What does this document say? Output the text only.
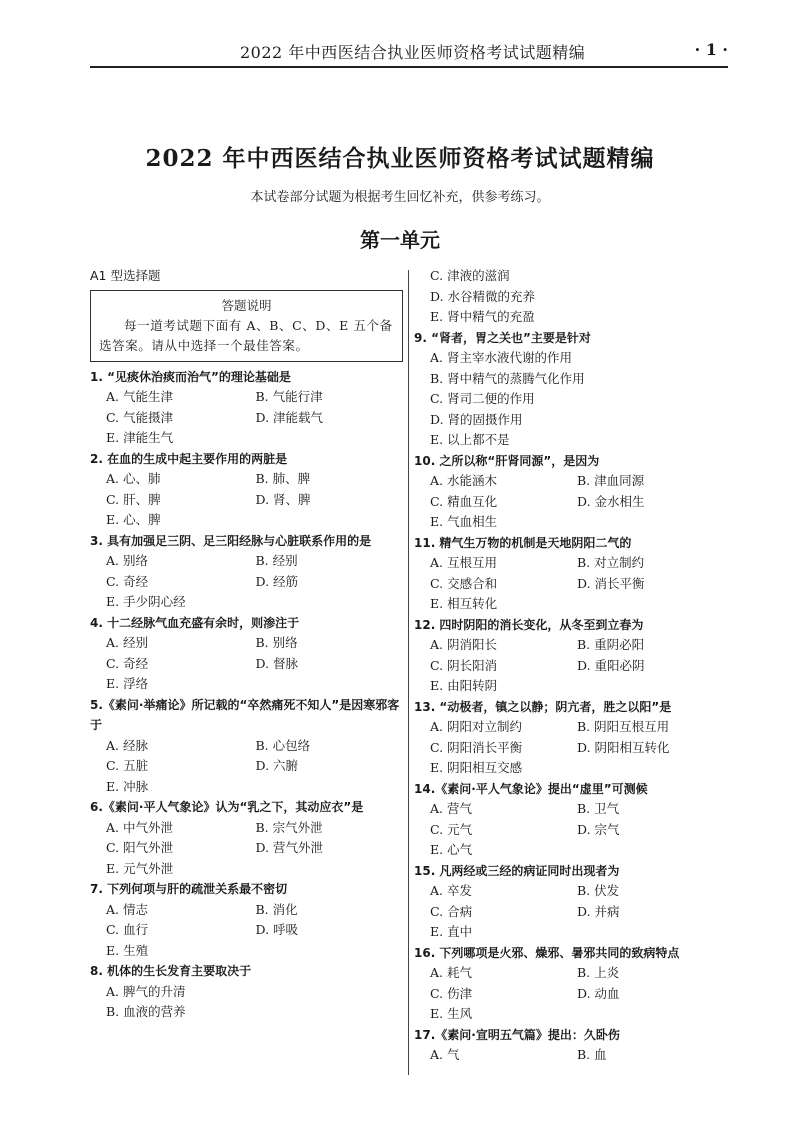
2022 年中西医结合执业医师资格考试试题精编	· 1 ·
2022 年中西医结合执业医师资格考试试题精编
本试卷部分试题为根据考生回忆补充，供参考练习。
第一单元
A1 型选择题
答题说明
每一道考试题下面有 A、B、C、D、E 五个备选答案。请从中选择一个最佳答案。
1. “见痰休治痰而治气”的理论基础是
A. 气能生津	B. 气能行津
C. 气能摄津	D. 津能载气
E. 津能生气
2. 在血的生成中起主要作用的两脏是
A. 心、肺	B. 肺、脾
C. 肝、脾	D. 肾、脾
E. 心、脾
3. 具有加强足三阴、足三阳经脉与心脏联系作用的是
A. 别络	B. 经别
C. 奇经	D. 经筋
E. 手少阴心经
4. 十二经脉气血充盛有余时，则渗注于
A. 经别	B. 别络
C. 奇经	D. 督脉
E. 浮络
5.《素问·举痛论》所记载的“卒然痛死不知人”是因寒邪客于
A. 经脉	B. 心包络
C. 五脏	D. 六腑
E. 冲脉
6.《素问·平人气象论》认为“乳之下，其动应衣”是
A. 中气外泄	B. 宗气外泄
C. 阳气外泄	D. 营气外泄
E. 元气外泄
7. 下列何项与肝的疏泄关系最不密切
A. 情志	B. 消化
C. 血行	D. 呼吸
E. 生殖
8. 机体的生长发育主要取决于
A. 脾气的升清
B. 血液的营养
C. 津液的滋润
D. 水谷精微的充养
E. 肾中精气的充盈
9. “肾者，胃之关也”主要是针对
A. 肾主宰水液代谢的作用
B. 肾中精气的蒸腾气化作用
C. 肾司二便的作用
D. 肾的固摄作用
E. 以上都不是
10. 之所以称“肝肾同源”，是因为
A. 水能涵木	B. 津血同源
C. 精血互化	D. 金水相生
E. 气血相生
11. 精气生万物的机制是天地阴阳二气的
A. 互根互用	B. 对立制约
C. 交感合和	D. 消长平衡
E. 相互转化
12. 四时阴阳的消长变化，从冬至到立春为
A. 阴消阳长	B. 重阴必阳
C. 阴长阳消	D. 重阳必阴
E. 由阳转阴
13. “动极者，镇之以静；阴亢者，胜之以阳”是
A. 阴阳对立制约	B. 阴阳互根互用
C. 阴阳消长平衡	D. 阴阳相互转化
E. 阴阳相互交感
14.《素问·平人气象论》提出“虚里”可测候
A. 营气	B. 卫气
C. 元气	D. 宗气
E. 心气
15. 凡两经或三经的病证同时出现者为
A. 卒发	B. 伏发
C. 合病	D. 并病
E. 直中
16. 下列哪项是火邪、燥邪、暑邪共同的致病特点
A. 耗气	B. 上炎
C. 伤津	D. 动血
E. 生风
17.《素问·宣明五气篇》提出：久卧伤
A. 气	B. 血
